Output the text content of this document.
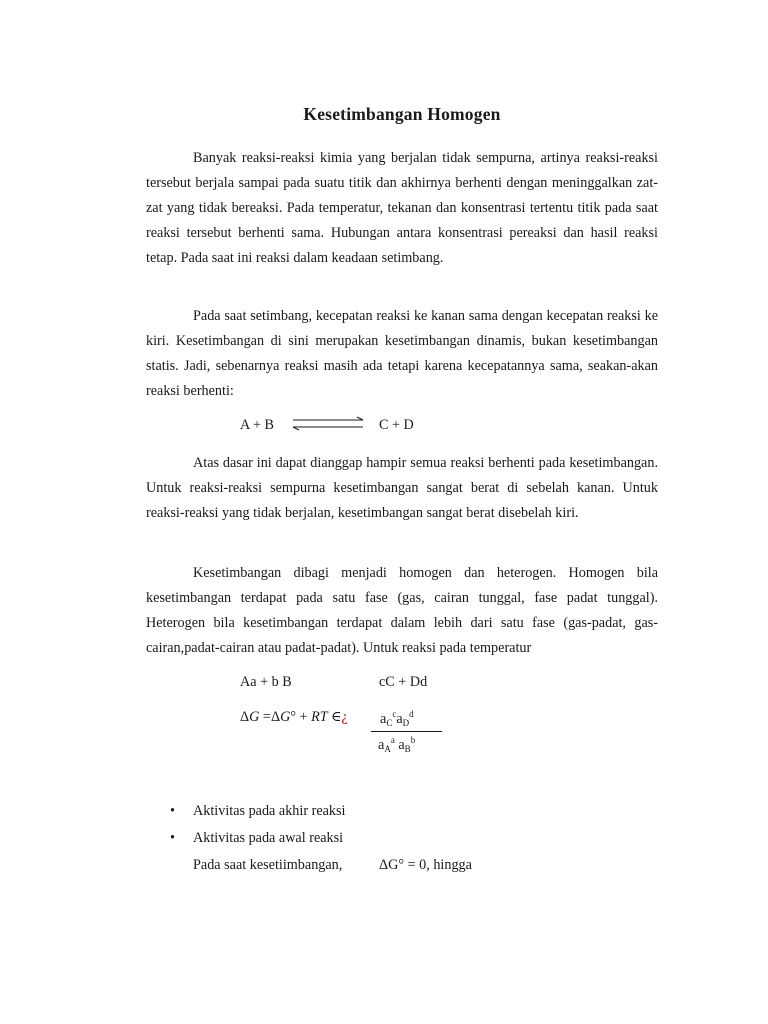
Kesetimbangan Homogen

Banyak reaksi-reaksi kimia yang berjalan tidak sempurna, artinya reaksi-reaksi tersebut berjala sampai pada suatu titik dan akhirnya berhenti dengan meninggalkan zat-zat yang tidak bereaksi. Pada temperatur, tekanan dan konsentrasi tertentu titik pada saat reaksi tersebut berhenti sama. Hubungan antara konsentrasi pereaksi dan hasil reaksi tetap. Pada saat ini reaksi dalam keadaan setimbang.

Pada saat setimbang, kecepatan reaksi ke kanan sama dengan kecepatan reaksi ke kiri. Kesetimbangan di sini merupakan kesetimbangan dinamis, bukan kesetimbangan statis. Jadi, sebenarnya reaksi masih ada tetapi karena kecepatannya sama, seakan-akan reaksi berhenti:

A + B	C + D

Atas dasar ini dapat dianggap hampir semua reaksi berhenti pada kesetimbangan. Untuk reaksi-reaksi sempurna kesetimbangan sangat berat di sebelah kanan. Untuk reaksi-reaksi yang tidak berjalan, kesetimbangan sangat berat disebelah kiri.

Kesetimbangan dibagi menjadi homogen dan heterogen. Homogen bila kesetimbangan terdapat pada satu fase (gas, cairan tunggal, fase padat tunggal). Heterogen bila kesetimbangan terdapat dalam lebih dari satu fase (gas-padat, gas-cairan,padat-cairan atau padat-padat). Untuk reaksi pada temperatur

Aa + b B	cC + Dd
ΔG =ΔG° + RT ∈¿ $a_C^ca_D^d$
$a_A^a$ $a_B^b$
• Aktivitas pada akhir reaksi
• Aktivitas pada awal reaksi
Pada saat kesetiimbangan,	ΔG° = 0, hingga
